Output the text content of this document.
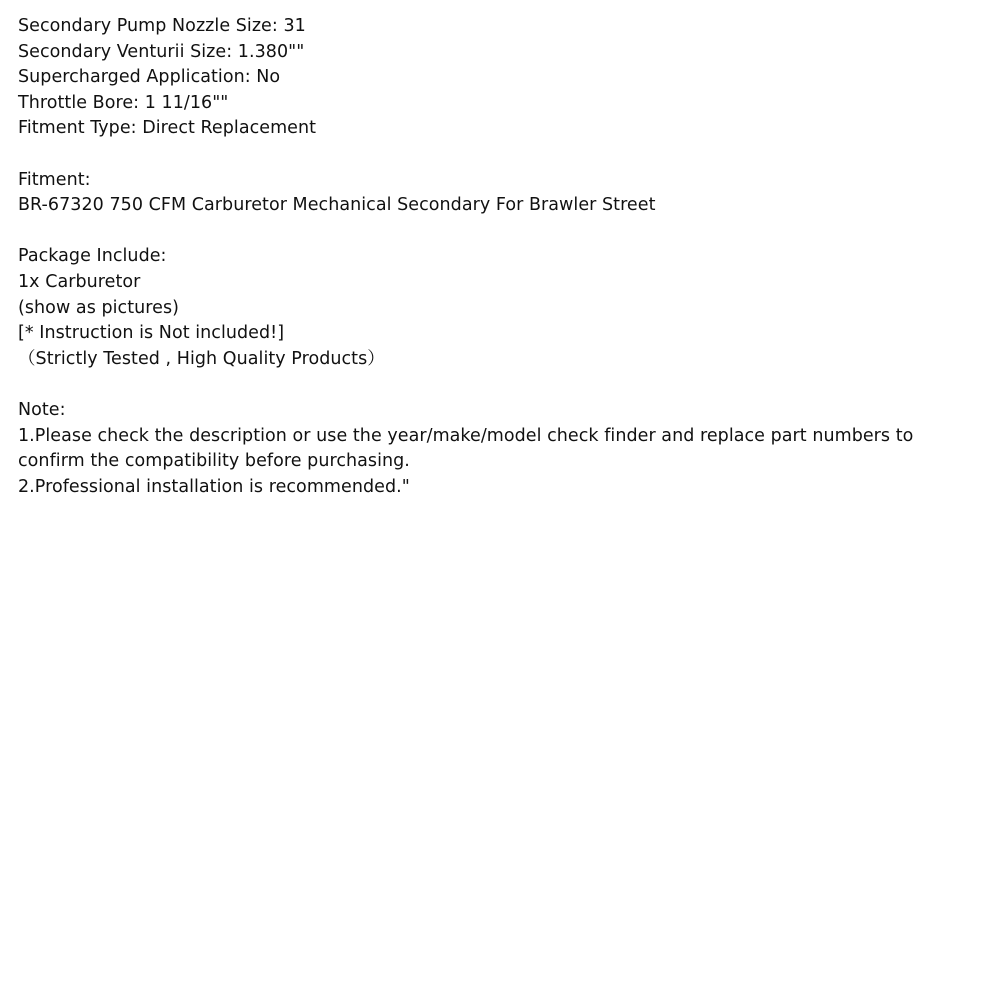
Secondary Pump Nozzle Size: 31
Secondary Venturii Size: 1.380""
Supercharged Application: No
Throttle Bore: 1 11/16""
Fitment Type: Direct Replacement
Fitment:
BR-67320 750 CFM Carburetor Mechanical Secondary For Brawler Street
Package Include:
1x Carburetor
(show as pictures)
[* Instruction is Not included!]
（Strictly Tested , High Quality Products）
Note:
1.Please check the description or use the year/make/model check finder and replace part numbers to confirm the compatibility before purchasing.
2.Professional installation is recommended."
